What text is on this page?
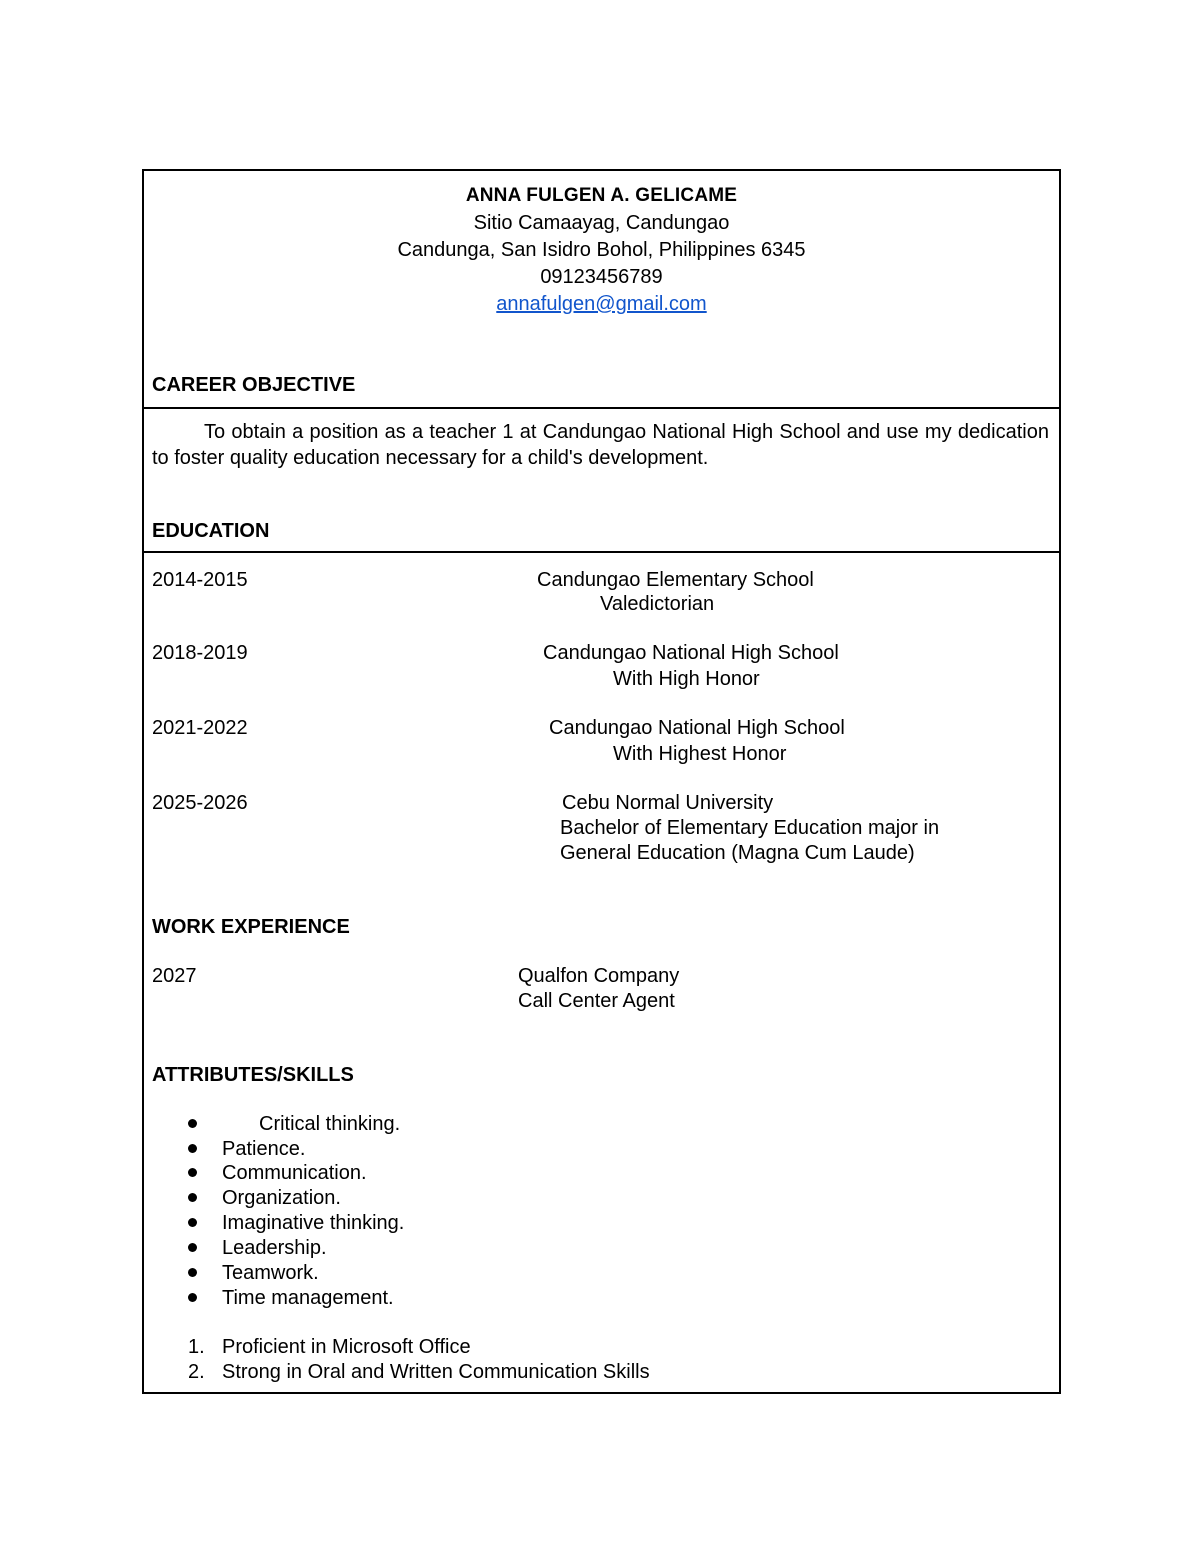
ANNA FULGEN A. GELICAME
Sitio Camaayag, Candungao
Candunga, San Isidro Bohol, Philippines 6345
09123456789
annafulgen@gmail.com
CAREER OBJECTIVE

To obtain a position as a teacher 1 at Candungao National High School and use my dedication to foster quality education necessary for a child's development.

EDUCATION
2014-2015	Candungao Elementary School
Valedictorian
2018-2019	Candungao National High School
With High Honor
2021-2022	Candungao National High School
With Highest Honor
2025-2026	Cebu Normal University
Bachelor of Elementary Education major in
General Education (Magna Cum Laude)
WORK EXPERIENCE
2027	Qualfon Company
Call Center Agent
ATTRIBUTES/SKILLS
Critical thinking.
Patience.
Communication.
Organization.
Imaginative thinking.
Leadership.
Teamwork.
Time management.
1. Proficient in Microsoft Office
2. Strong in Oral and Written Communication Skills
